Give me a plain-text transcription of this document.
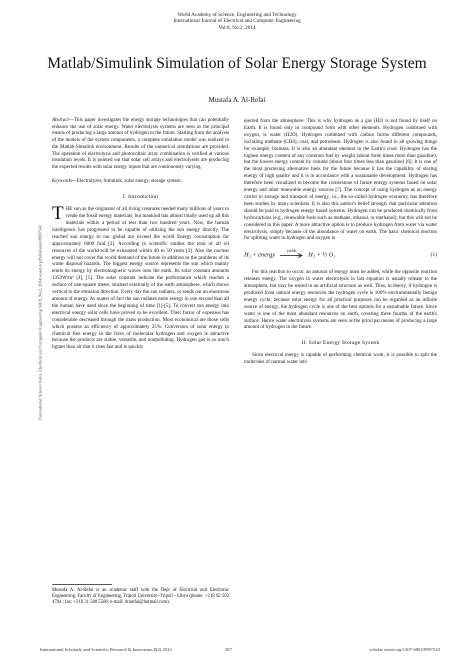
World Academy of Science, Engineering and Technology
International Journal of Electrical and Computer Engineering
Vol:8, No:2, 2014
Matlab/Simulink Simulation of Solar Energy Storage System
Mustafa A. Al-Refai
International Science Index, Electrical and Computer Engineering Vol:8, No:2, 2014 waset.org/Publication/9997543

Abstract—This paper investigates the energy storage technologies that can potentially enhance the use of solar energy. Water electrolysis systems are seen as the principal means of producing a large amount of hydrogen in the future. Starting from the analysis of the models of the system components, a complete simulation model was realized in the Matlab-Simulink environment. Results of the numerical simulations are provided. The operation of electrolysis and photovoltaic array combination is verified at various insulation levels. It is pointed out that solar cell arrays and electrolysers are producing the expected results with solar energy inputs that are continuously varying.

Keywords—Electrolyzer, Simulink, solar energy, storage system.

I. Introduction

THE sun as the originator of all living creatures needed many millions of years to create the fossil energy materials, but mankind has almost totally used up all this materials within a period of less than two hundred years. Now, the human intelligence has progressed to be capable of utilizing the sun energy directly. The reached sun energy to our global are exceed the world Energy consumption for approximately 6000 fold [2]. According to scientific studies the total of all oil resources of the world will be exhausted within 40 to 50 years [3]. Also the nuclear energy will not cover the world demand of the future in addition to the problems of its waste disposal hazards. The biggest energy source represents the sun which mainly emits its energy by electromagnetic waves onto the earth. Its solar constant amounts 1353W/m² [4], [5]. The solar constant indicate the performance which reaches a surface of one-square meter, situated externally of the earth atmosphere, which shows vertical to the emission direction. Every day the sun radiates, or sends out an enormous amount of energy. As matter of fact the sun radiates more energy in one second than all the human have used since the beginning of time [1]-[5]. To convert sun energy into electrical energy solar cells have proved to be excellent. Their factor of expenses has considerable decreased through the mass production. Most economical are those cells which possess an efficiency of approximately 25%. Conversion of solar energy to chemical free energy in the form of molecular hydrogen and oxygen is attractive because the products are stable, versatile, and nonpolluting. Hydrogen gas is so much lighter than air that it rises fast and is quickly

Mustafa A. Al-Refai is an academic staff with the Dept of Electrical and Electronic Engineering, Faculty of Engineering, Tripoli University- Tripoli - Libya (phone: +218 92 502 4704 ; fax: +218 21 580 5506; e-mail: drarefai@hotmail.com).

ejected from the atmosphere. This is why hydrogen as a gas (H2) is not found by itself on Earth. It is found only in compound form with other elements. Hydrogen combined with oxygen, is water (H2O). Hydrogen combined with carbon forms different compounds, including methane (CH4), coal, and petroleum. Hydrogen is also found in all growing things for example, biomass. It is also an abundant element in the Earth's crust. Hydrogen has the highest energy content of any common fuel by weight (about three times more than gasoline), but the lowest energy content by volume (about four times less than gasoline) [6]. It is one of the most promising alternative fuels for the future because it has the capability of storing energy of high quality and it is in accordance with a sustainable development. Hydrogen has therefore been visualized to become the cornerstone of future energy systems based on solar energy and other renewable energy sources [7]. The concept of using hydrogen as an energy carrier in storage and transport of energy, i.e., the so-called hydrogen economy, has therefore been studies by many scientists. It is also this author's belief strongly that particular attention should be paid to hydrogen energy based systems. Hydrogen can be produced chemically from hydrocarbons (e.g., renewable fuels such as methane, ethanol, or methanol), but this will not be considered in this paper. A more attractive option is to produce hydrogen from water via water electrolysis, simply because of the abundance of water on earth. The basic chemical reaction for splitting water in hydrogen and oxygen is

H₂ + energy
yields
H₂ + ½ O₂	(1)

For this reaction to occur, an amount of energy must be added, while the opposite reaction releases energy. The oxygen in water electrolysis in last equation is usually release to the atmosphere, but may be stored in an artificial structure as well. Thus, in theory, if hydrogen is produced from natural energy resources the hydrogen cycle is 100% environmentally benign energy cycle, because solar energy for all practical purposes can be regarded as an infinite source of energy, the hydrogen cycle is one of the best options for a sustainable future. Since water is one of the most abundant resources on earth, covering three fourths of the earth's surface. Hence water electrolysis systems are seen as the principal means of producing a large amount of hydrogen in the future.

II. Solar Energy Storage System

Since electrical energy is capable of performing chemical work, it is possible to split the molecules of normal water into

International Scholarly and Scientific Research & Innovation 8(2) 2014	297	scholar.waset.org/1307-6892/9997543
